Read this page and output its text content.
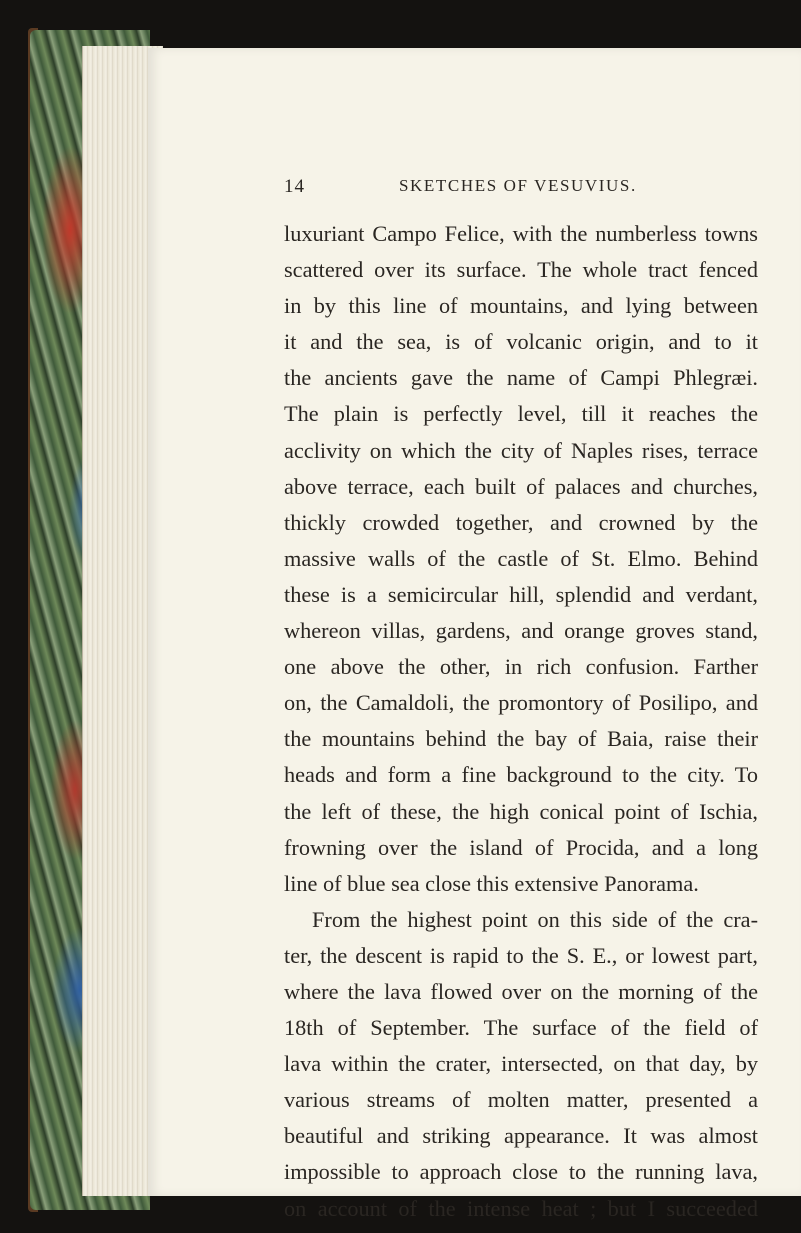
14	SKETCHES OF VESUVIUS.
luxuriant Campo Felice, with the numberless towns
scattered over its surface. The whole tract fenced
in by this line of mountains, and lying between
it and the sea, is of volcanic origin, and to it
the ancients gave the name of Campi Phlegræi.
The plain is perfectly level, till it reaches the
acclivity on which the city of Naples rises, terrace
above terrace, each built of palaces and churches,
thickly crowded together, and crowned by the
massive walls of the castle of St. Elmo. Behind
these is a semicircular hill, splendid and verdant,
whereon villas, gardens, and orange groves stand,
one above the other, in rich confusion. Farther
on, the Camaldoli, the promontory of Posilipo, and
the mountains behind the bay of Baia, raise their
heads and form a fine background to the city. To
the left of these, the high conical point of Ischia,
frowning over the island of Procida, and a long
line of blue sea close this extensive Panorama.
From the highest point on this side of the cra-
ter, the descent is rapid to the S. E., or lowest part,
where the lava flowed over on the morning of the
18th of September. The surface of the field of
lava within the crater, intersected, on that day, by
various streams of molten matter, presented a
beautiful and striking appearance. It was almost
impossible to approach close to the running lava,
on account of the intense heat ; but I succeeded
